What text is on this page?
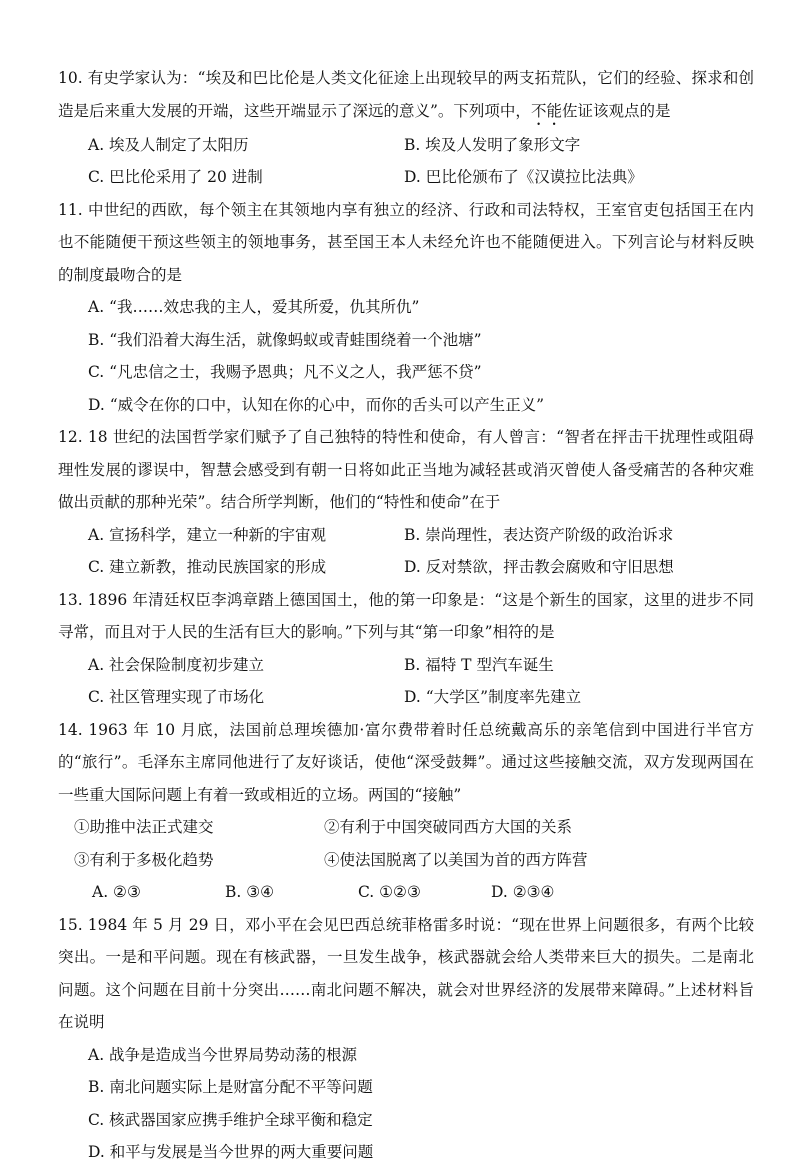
10. 有史学家认为：“埃及和巴比伦是人类文化征途上出现较早的两支拓荒队，它们的经验、探求和创造是后来重大发展的开端，这些开端显示了深远的意义”。下列项中，不能佐证该观点的是
A. 埃及人制定了太阳历	B. 埃及人发明了象形文字
C. 巴比伦采用了 20 进制	D. 巴比伦颁布了《汉谟拉比法典》
11. 中世纪的西欧，每个领主在其领地内享有独立的经济、行政和司法特权，王室官吏包括国王在内也不能随便干预这些领主的领地事务，甚至国王本人未经允许也不能随便进入。下列言论与材料反映的制度最吻合的是
A. “我……效忠我的主人，爱其所爱，仇其所仇”
B. “我们沿着大海生活，就像蚂蚁或青蛙围绕着一个池塘”
C. “凡忠信之士，我赐予恩典；凡不义之人，我严惩不贷”
D. “威令在你的口中，认知在你的心中，而你的舌头可以产生正义”
12. 18 世纪的法国哲学家们赋予了自己独特的特性和使命，有人曾言：“智者在抨击干扰理性或阻碍理性发展的谬误中，智慧会感受到有朝一日将如此正当地为减轻甚或消灭曾使人备受痛苦的各种灾难做出贡献的那种光荣”。结合所学判断，他们的“特性和使命”在于
A. 宣扬科学，建立一种新的宇宙观	B. 崇尚理性，表达资产阶级的政治诉求
C. 建立新教，推动民族国家的形成	D. 反对禁欲，抨击教会腐败和守旧思想
13. 1896 年清廷权臣李鸿章踏上德国国土，他的第一印象是：“这是个新生的国家，这里的进步不同寻常，而且对于人民的生活有巨大的影响。”下列与其“第一印象”相符的是
A. 社会保险制度初步建立	B. 福特 T 型汽车诞生
C. 社区管理实现了市场化	D. “大学区”制度率先建立
14. 1963 年 10 月底，法国前总理埃德加·富尔费带着时任总统戴高乐的亲笔信到中国进行半官方的“旅行”。毛泽东主席同他进行了友好谈话，使他“深受鼓舞”。通过这些接触交流，双方发现两国在一些重大国际问题上有着一致或相近的立场。两国的“接触”
①助推中法正式建交	②有利于中国突破同西方大国的关系
③有利于多极化趋势	④使法国脱离了以美国为首的西方阵营
A. ②③	B. ③④	C. ①②③	D. ②③④
15. 1984 年 5 月 29 日，邓小平在会见巴西总统菲格雷多时说：“现在世界上问题很多，有两个比较突出。一是和平问题。现在有核武器，一旦发生战争，核武器就会给人类带来巨大的损失。二是南北问题。这个问题在目前十分突出……南北问题不解决，就会对世界经济的发展带来障碍。”上述材料旨在说明
A. 战争是造成当今世界局势动荡的根源
B. 南北问题实际上是财富分配不平等问题
C. 核武器国家应携手维护全球平衡和稳定
D. 和平与发展是当今世界的两大重要问题
